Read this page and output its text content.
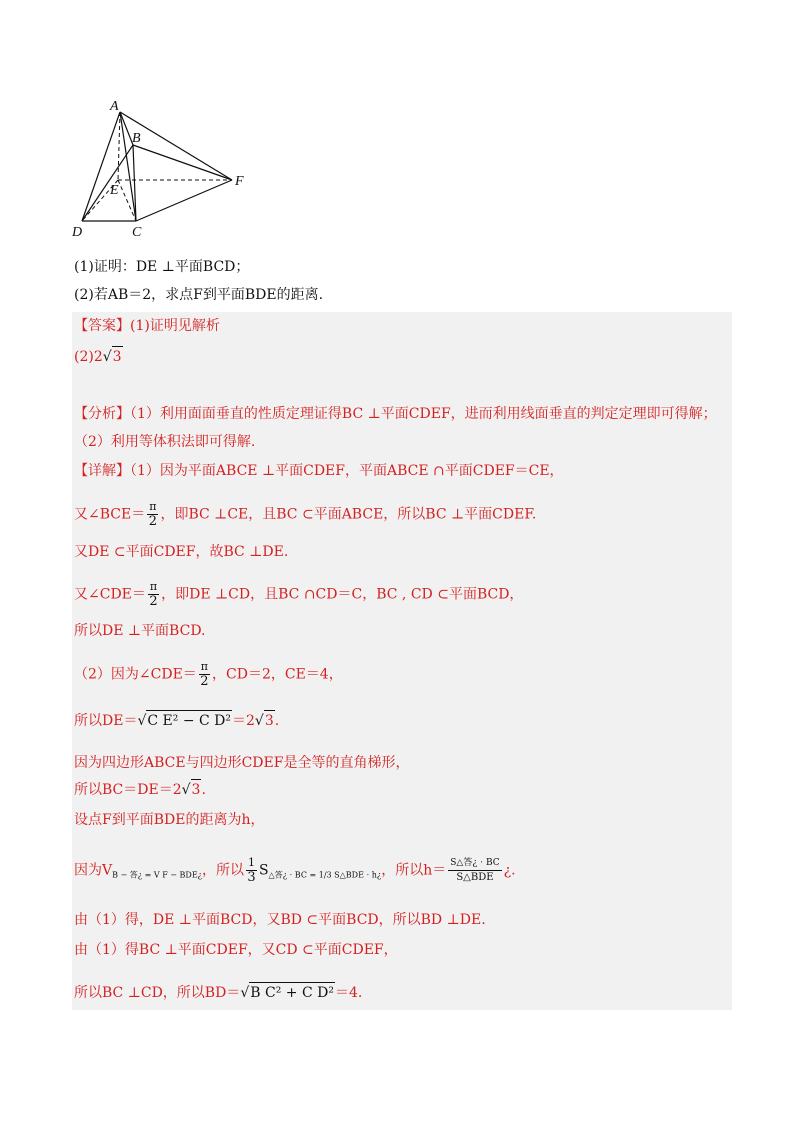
A
B
E
F
D	C
(1)证明：DE ⊥平面BCD；
(2)若AB＝2，求点F到平面BDE的距离.
【答案】(1)证明见解析
(2)2√3
【分析】（1）利用面面垂直的性质定理证得BC ⊥平面CDEF，进而利用线面垂直的判定定理即可得解；
（2）利用等体积法即可得解.
【详解】（1）因为平面ABCE ⊥平面CDEF，平面ABCE ∩平面CDEF＝CE，
又∠BCE＝ $\frac{\pi}{2}$ ，即BC ⊥CE，且BC ⊂平面ABCE，所以BC ⊥平面CDEF.
又DE ⊂平面CDEF，故BC ⊥DE.
又∠CDE＝ $\frac{\pi}{2}$ ，即DE ⊥CD，且BC ∩CD＝C，BC , CD ⊂平面BCD，
所以DE ⊥平面BCD.
（2）因为∠CDE＝ $\frac{\pi}{2}$ ，CD＝2，CE＝4，
所以DE＝√C E² − C D²＝2√3.
因为四边形ABCE与四边形CDEF是全等的直角梯形，
所以BC＝DE＝2√3.
设点F到平面BDE的距离为h，
因为$V_{B - 答¿ = V F - BDE¿}$，所以 $\frac{1}{3} S_{\triangle 答¿ \cdot BC = 1/3 S\triangle BDE \cdot h¿}$，所以$h= \frac{\text{S△答¿ ⋅ BC}}{\text{S△BDE}}$ ¿.
由（1）得，DE ⊥平面BCD，又BD ⊂平面BCD，所以BD ⊥DE.
由（1）得BC ⊥平面CDEF，又CD ⊂平面CDEF，
所以BC ⊥CD，所以BD＝√B C² + C D²＝4.
